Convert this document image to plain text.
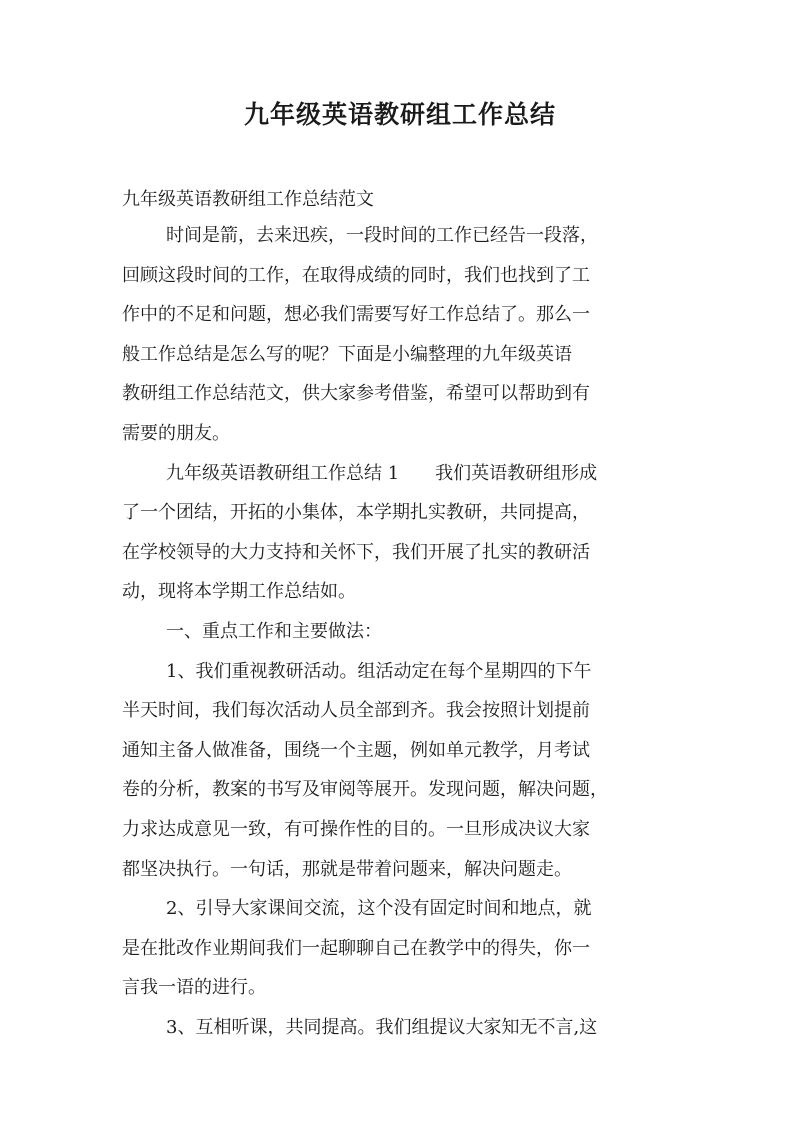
九年级英语教研组工作总结
九年级英语教研组工作总结范文

时间是箭，去来迅疾，一段时间的工作已经告一段落，
回顾这段时间的工作，在取得成绩的同时，我们也找到了工
作中的不足和问题，想必我们需要写好工作总结了。那么一
般工作总结是怎么写的呢？下面是小编整理的九年级英语
教研组工作总结范文，供大家参考借鉴，希望可以帮助到有
需要的朋友。

九年级英语教研组工作总结 1　　我们英语教研组形成
了一个团结，开拓的小集体，本学期扎实教研，共同提高，
在学校领导的大力支持和关怀下，我们开展了扎实的教研活
动，现将本学期工作总结如。

一、重点工作和主要做法：

1、我们重视教研活动。组活动定在每个星期四的下午
半天时间，我们每次活动人员全部到齐。我会按照计划提前
通知主备人做准备，围绕一个主题，例如单元教学，月考试
卷的分析，教案的书写及审阅等展开。发现问题，解决问题，
力求达成意见一致，有可操作性的目的。一旦形成决议大家
都坚决执行。一句话，那就是带着问题来，解决问题走。

2、引导大家课间交流，这个没有固定时间和地点，就
是在批改作业期间我们一起聊聊自己在教学中的得失，你一
言我一语的进行。

3、互相听课，共同提高。我们组提议大家知无不言,这
